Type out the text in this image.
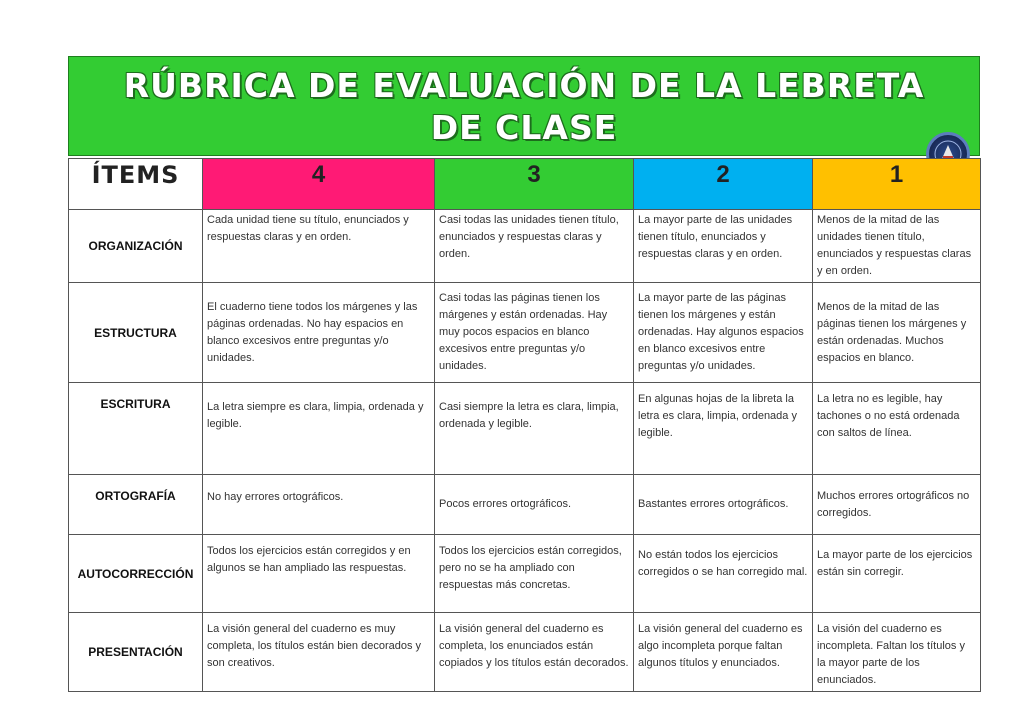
RÚBRICA DE EVALUACIÓN DE LA LEBRETA DE CLASE
ÍTEMS	4	3	2	1
ORGANIZACIÓN	Cada unidad tiene su título, enunciados y respuestas claras y en orden.	Casi todas las unidades tienen título, enunciados y respuestas claras y orden.	La mayor parte de las unidades tienen título, enunciados y respuestas claras y en orden.	Menos de la mitad de las unidades tienen título, enunciados y respuestas claras y en orden.
ESTRUCTURA	El cuaderno tiene todos los márgenes y las páginas ordenadas. No hay espacios en blanco excesivos entre preguntas y/o unidades.	Casi todas las páginas tienen los márgenes y están ordenadas. Hay muy pocos espacios en blanco excesivos entre preguntas y/o unidades.	La mayor parte de las páginas tienen los márgenes y están ordenadas. Hay algunos espacios en blanco excesivos entre preguntas y/o unidades.	Menos de la mitad de las páginas tienen los márgenes y están ordenadas. Muchos espacios en blanco.
ESCRITURA	La letra siempre es clara, limpia, ordenada y legible.	Casi siempre la letra es clara, limpia, ordenada y legible.	En algunas hojas de la libreta la letra es clara, limpia, ordenada y legible.	La letra no es legible, hay tachones o no está ordenada con saltos de línea.
ORTOGRAFÍA	No hay errores ortográficos.	Pocos errores ortográficos.	Bastantes errores ortográficos.	Muchos errores ortográficos no corregidos.
AUTOCORRECCIÓN	Todos los ejercicios están corregidos y en algunos se han ampliado las respuestas.	Todos los ejercicios están corregidos, pero no se ha ampliado con respuestas más concretas.	No están todos los ejercicios corregidos o se han corregido mal.	La mayor parte de los ejercicios están sin corregir.
PRESENTACIÓN	La visión general del cuaderno es muy completa, los títulos están bien decorados y son creativos.	La visión general del cuaderno es completa, los enunciados están copiados y los títulos están decorados.	La visión general del cuaderno es algo incompleta porque faltan algunos títulos y enunciados.	La visión del cuaderno es incompleta. Faltan los títulos y la mayor parte de los enunciados.
